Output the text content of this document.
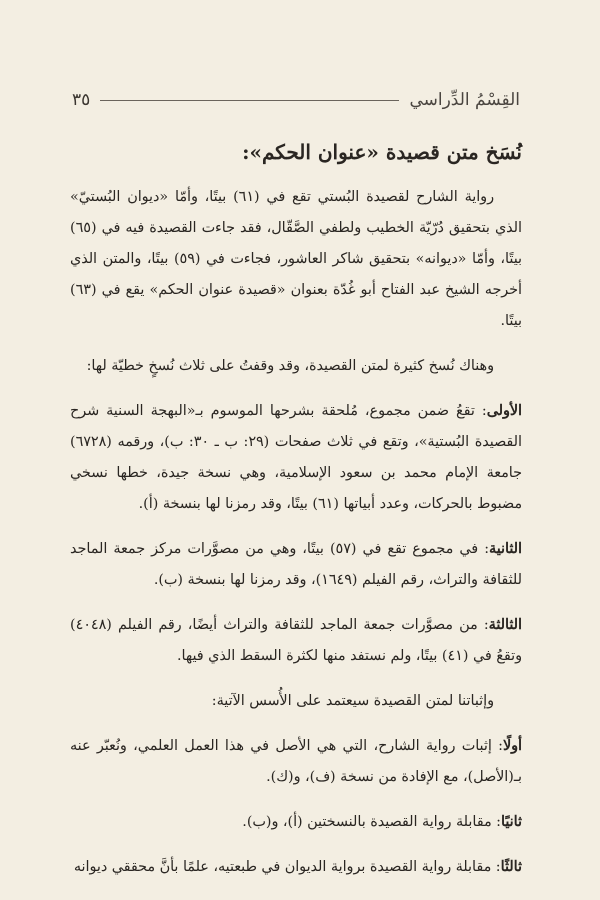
القِسْمُ الدِّراسي
٣٥
نُسَخ متن قصيدة «عنوان الحكم»:

رواية الشارح لقصيدة البُستي تقع في (٦١) بيتًا، وأمّا «ديوان البُستيّ» الذي بتحقيق دُرّيّة الخطيب ولطفي الصَّقّال، فقد جاءت القصيدة فيه في (٦٥) بيتًا، وأمّا «ديوانه» بتحقيق شاكر العاشور، فجاءت في (٥٩) بيتًا، والمتن الذي أخرجه الشيخ عبد الفتاح أبو غُدّة بعنوان «قصيدة عنوان الحكم» يقع في (٦٣) بيتًا.

وهناك نُسخ كثيرة لمتن القصيدة، وقد وقفتُ على ثلاث نُسخٍ خطيّة لها:

الأولى: تقعُ ضمن مجموع، مُلحقة بشرحها الموسوم بـ«البهجة السنية شرح القصيدة البُستية»، وتقع في ثلاث صفحات (٢٩: ب ـ ٣٠: ب)، ورقمه (٦٧٢٨) جامعة الإمام محمد بن سعود الإسلامية، وهي نسخة جيدة، خطها نسخي مضبوط بالحركات، وعدد أبياتها (٦١) بيتًا، وقد رمزنا لها بنسخة (أ).

الثانية: في مجموع تقع في (٥٧) بيتًا، وهي من مصوَّرات مركز جمعة الماجد للثقافة والتراث، رقم الفيلم (١٦٤٩)، وقد رمزنا لها بنسخة (ب).

الثالثة: من مصوَّرات جمعة الماجد للثقافة والتراث أيضًا، رقم الفيلم (٤٠٤٨) وتقعُ في (٤١) بيتًا، ولم نستفد منها لكثرة السقط الذي فيها.

وإثباتنا لمتن القصيدة سيعتمد على الأُسس الآتية:

أولًا: إثبات رواية الشارح، التي هي الأصل في هذا العمل العلمي، ونُعبّر عنه بـ(الأصل)، مع الإفادة من نسخة (ف)، و(ك).

ثانيًا: مقابلة رواية القصيدة بالنسختين (أ)، و(ب).

ثالثًا: مقابلة رواية القصيدة برواية الديوان في طبعتيه، علمًا بأنَّ محققي ديوانه
